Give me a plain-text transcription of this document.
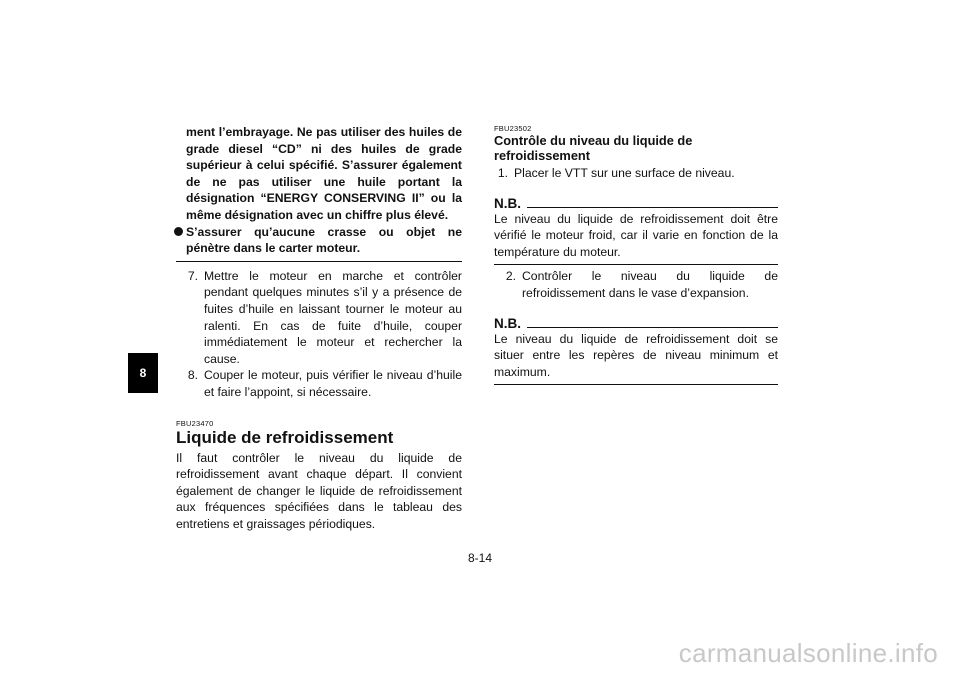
8
ment l’embrayage. Ne pas utiliser des huiles de grade diesel “CD” ni des huiles de grade supérieur à celui spécifié. S’assurer également de ne pas utiliser une huile portant la désignation “ENERGY CONSERVING II” ou la même désignation avec un chiffre plus élevé.
S’assurer qu’aucune crasse ou objet ne pénètre dans le carter moteur.
7. Mettre le moteur en marche et contrôler pendant quelques minutes s’il y a présence de fuites d’huile en laissant tourner le moteur au ralenti. En cas de fuite d’huile, couper immédiatement le moteur et rechercher la cause.
8. Couper le moteur, puis vérifier le niveau d’huile et faire l’appoint, si nécessaire.
FBU23470
Liquide de refroidissement
Il faut contrôler le niveau du liquide de refroidissement avant chaque départ. Il convient également de changer le liquide de refroidissement aux fréquences spécifiées dans le tableau des entretiens et graissages périodiques.
FBU23502
Contrôle du niveau du liquide de refroidissement
1. Placer le VTT sur une surface de niveau.
N.B.
Le niveau du liquide de refroidissement doit être vérifié le moteur froid, car il varie en fonction de la température du moteur.
2. Contrôler le niveau du liquide de refroidissement dans le vase d’expansion.
N.B.
Le niveau du liquide de refroidissement doit se situer entre les repères de niveau minimum et maximum.
8-14
carmanualsonline.info
